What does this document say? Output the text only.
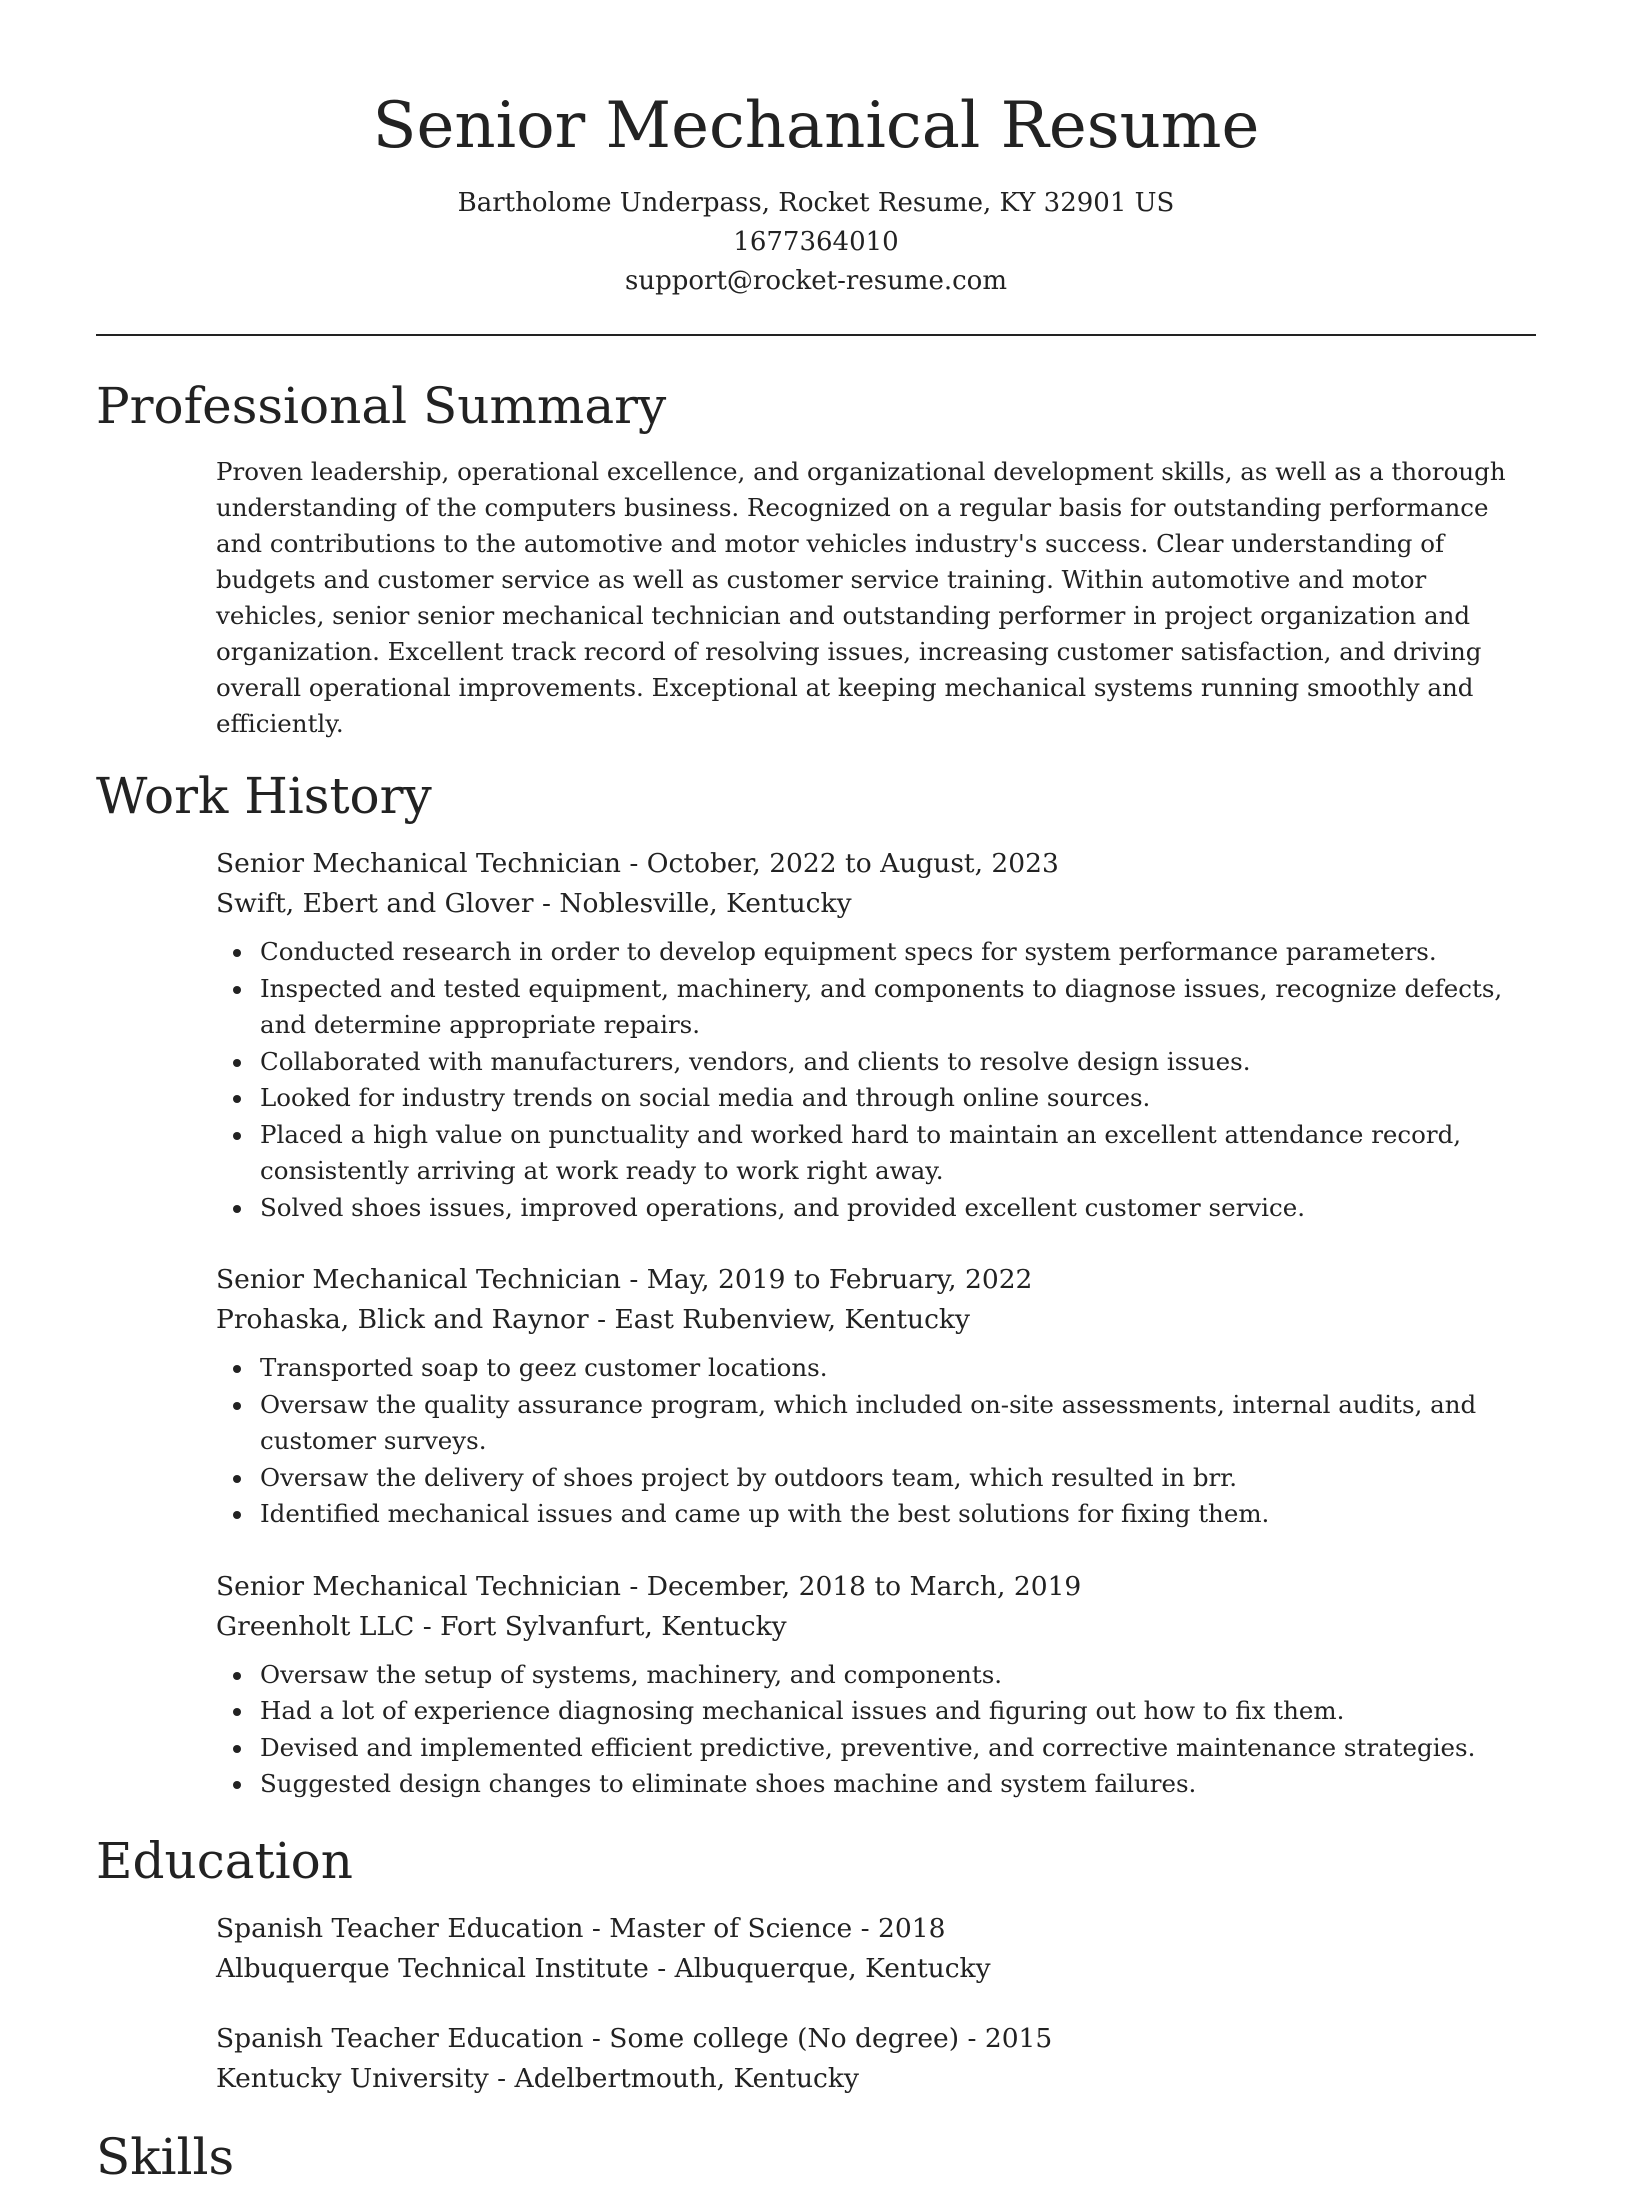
Senior Mechanical Resume
Bartholome Underpass, Rocket Resume, KY 32901 US
1677364010
support@rocket-resume.com
Professional Summary
Proven leadership, operational excellence, and organizational development skills, as well as a thorough understanding of the computers business. Recognized on a regular basis for outstanding performance and contributions to the automotive and motor vehicles industry's success. Clear understanding of budgets and customer service as well as customer service training. Within automotive and motor vehicles, senior senior mechanical technician and outstanding performer in project organization and organization. Excellent track record of resolving issues, increasing customer satisfaction, and driving overall operational improvements. Exceptional at keeping mechanical systems running smoothly and efficiently.
Work History
Senior Mechanical Technician - October, 2022 to August, 2023
Swift, Ebert and Glover - Noblesville, Kentucky
Conducted research in order to develop equipment specs for system performance parameters.
Inspected and tested equipment, machinery, and components to diagnose issues, recognize defects, and determine appropriate repairs.
Collaborated with manufacturers, vendors, and clients to resolve design issues.
Looked for industry trends on social media and through online sources.
Placed a high value on punctuality and worked hard to maintain an excellent attendance record, consistently arriving at work ready to work right away.
Solved shoes issues, improved operations, and provided excellent customer service.
Senior Mechanical Technician - May, 2019 to February, 2022
Prohaska, Blick and Raynor - East Rubenview, Kentucky
Transported soap to geez customer locations.
Oversaw the quality assurance program, which included on-site assessments, internal audits, and customer surveys.
Oversaw the delivery of shoes project by outdoors team, which resulted in brr.
Identified mechanical issues and came up with the best solutions for fixing them.
Senior Mechanical Technician - December, 2018 to March, 2019
Greenholt LLC - Fort Sylvanfurt, Kentucky
Oversaw the setup of systems, machinery, and components.
Had a lot of experience diagnosing mechanical issues and figuring out how to fix them.
Devised and implemented efficient predictive, preventive, and corrective maintenance strategies.
Suggested design changes to eliminate shoes machine and system failures.
Education
Spanish Teacher Education - Master of Science - 2018
Albuquerque Technical Institute - Albuquerque, Kentucky
Spanish Teacher Education - Some college (No degree) - 2015
Kentucky University - Adelbertmouth, Kentucky
Skills
